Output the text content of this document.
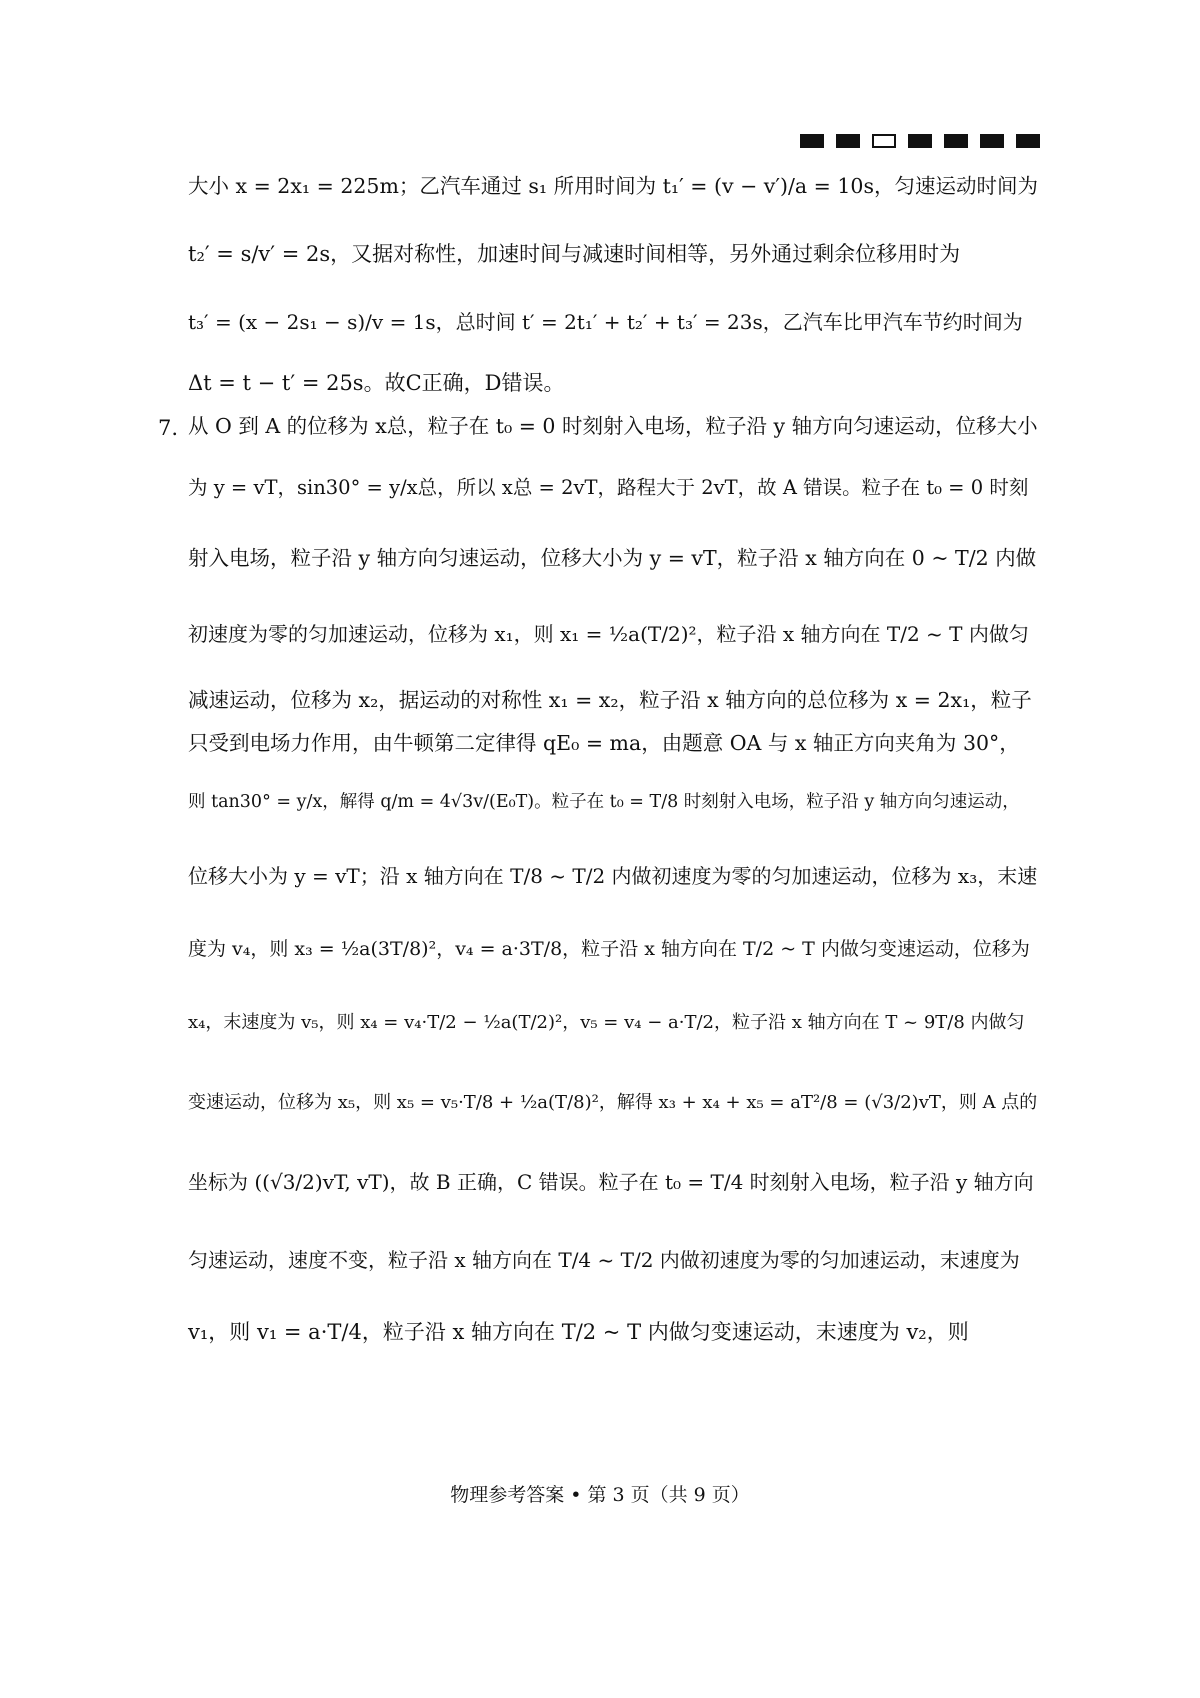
大小 x = 2x₁ = 225m；乙汽车通过 s₁ 所用时间为 t₁′ = (v − v′)/a = 10s，匀速运动时间为
t₂′ = s/v′ = 2s，又据对称性，加速时间与减速时间相等，另外通过剩余位移用时为
t₃′ = (x − 2s₁ − s)/v = 1s，总时间 t′ = 2t₁′ + t₂′ + t₃′ = 23s，乙汽车比甲汽车节约时间为
Δt = t − t′ = 25s。故C正确，D错误。
7. 从 O 到 A 的位移为 x总，粒子在 t₀ = 0 时刻射入电场，粒子沿 y 轴方向匀速运动，位移大小
为 y = vT，sin30° = y/x总，所以 x总 = 2vT，路程大于 2vT，故 A 错误。粒子在 t₀ = 0 时刻
射入电场，粒子沿 y 轴方向匀速运动，位移大小为 y = vT，粒子沿 x 轴方向在 0 ~ T/2 内做
初速度为零的匀加速运动，位移为 x₁，则 x₁ = ½a(T/2)²，粒子沿 x 轴方向在 T/2 ~ T 内做匀
减速运动，位移为 x₂，据运动的对称性 x₁ = x₂，粒子沿 x 轴方向的总位移为 x = 2x₁，粒子
只受到电场力作用，由牛顿第二定律得 qE₀ = ma，由题意 OA 与 x 轴正方向夹角为 30°，
则 tan30° = y/x，解得 q/m = 4√3v/(E₀T)。粒子在 t₀ = T/8 时刻射入电场，粒子沿 y 轴方向匀速运动，
位移大小为 y = vT；沿 x 轴方向在 T/8 ~ T/2 内做初速度为零的匀加速运动，位移为 x₃，末速
度为 v₄，则 x₃ = ½a(3T/8)²，v₄ = a·3T/8，粒子沿 x 轴方向在 T/2 ~ T 内做匀变速运动，位移为
x₄，末速度为 v₅，则 x₄ = v₄·T/2 − ½a(T/2)²，v₅ = v₄ − a·T/2，粒子沿 x 轴方向在 T ~ 9T/8 内做匀
变速运动，位移为 x₅，则 x₅ = v₅·T/8 + ½a(T/8)²，解得 x₃ + x₄ + x₅ = aT²/8 = (√3/2)vT，则 A 点的
坐标为 ((√3/2)vT, vT)，故 B 正确，C 错误。粒子在 t₀ = T/4 时刻射入电场，粒子沿 y 轴方向
匀速运动，速度不变，粒子沿 x 轴方向在 T/4 ~ T/2 内做初速度为零的匀加速运动，末速度为
v₁，则 v₁ = a·T/4，粒子沿 x 轴方向在 T/2 ~ T 内做匀变速运动，末速度为 v₂，则
物理参考答案 • 第 3 页（共 9 页）
